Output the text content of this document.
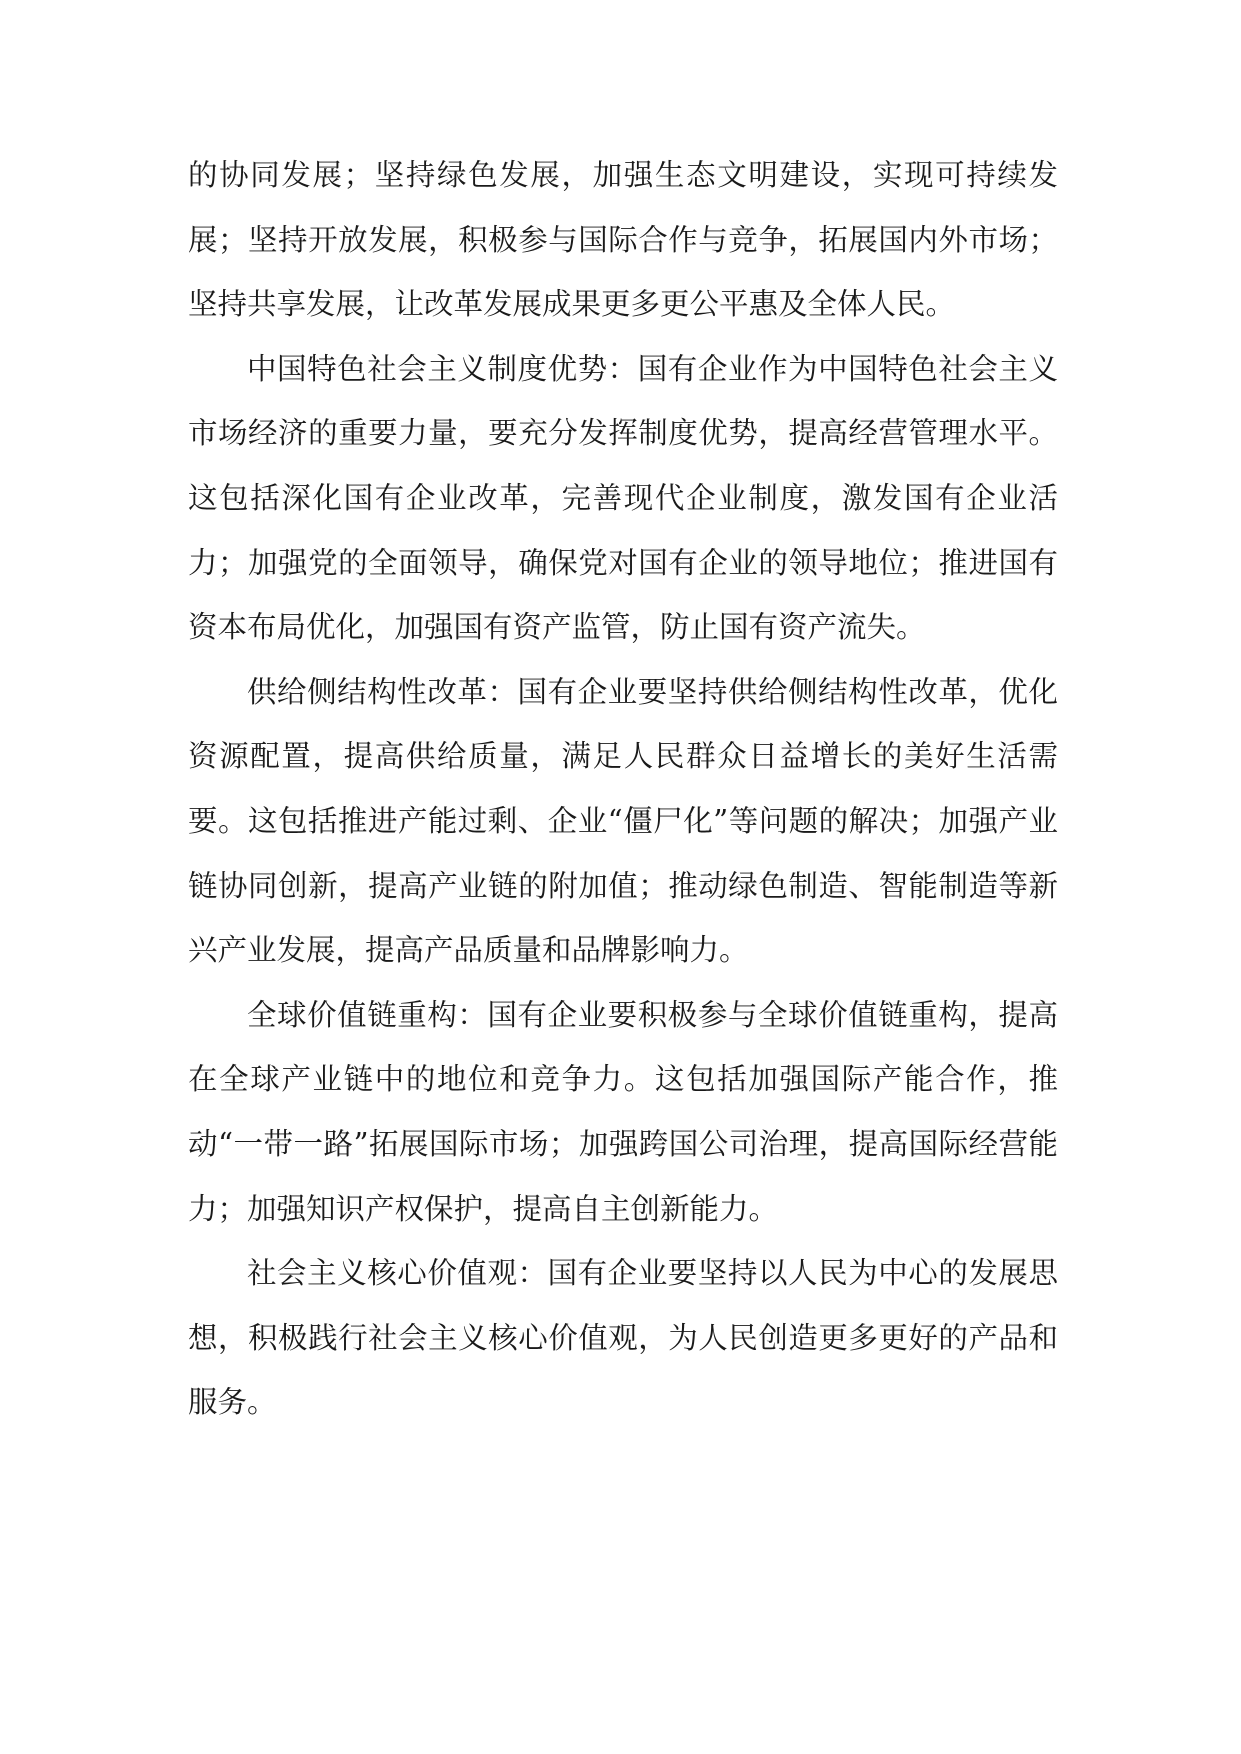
的协同发展；坚持绿色发展，加强生态文明建设，实现可持续发展；坚持开放发展，积极参与国际合作与竞争，拓展国内外市场；坚持共享发展，让改革发展成果更多更公平惠及全体人民。

中国特色社会主义制度优势：国有企业作为中国特色社会主义市场经济的重要力量，要充分发挥制度优势，提高经营管理水平。这包括深化国有企业改革，完善现代企业制度，激发国有企业活力；加强党的全面领导，确保党对国有企业的领导地位；推进国有资本布局优化，加强国有资产监管，防止国有资产流失。

供给侧结构性改革：国有企业要坚持供给侧结构性改革，优化资源配置，提高供给质量，满足人民群众日益增长的美好生活需要。这包括推进产能过剩、企业“僵尸化”等问题的解决；加强产业链协同创新，提高产业链的附加值；推动绿色制造、智能制造等新兴产业发展，提高产品质量和品牌影响力。

全球价值链重构：国有企业要积极参与全球价值链重构，提高在全球产业链中的地位和竞争力。这包括加强国际产能合作，推动“一带一路”拓展国际市场；加强跨国公司治理，提高国际经营能力；加强知识产权保护，提高自主创新能力。

社会主义核心价值观：国有企业要坚持以人民为中心的发展思想，积极践行社会主义核心价值观，为人民创造更多更好的产品和服务。
